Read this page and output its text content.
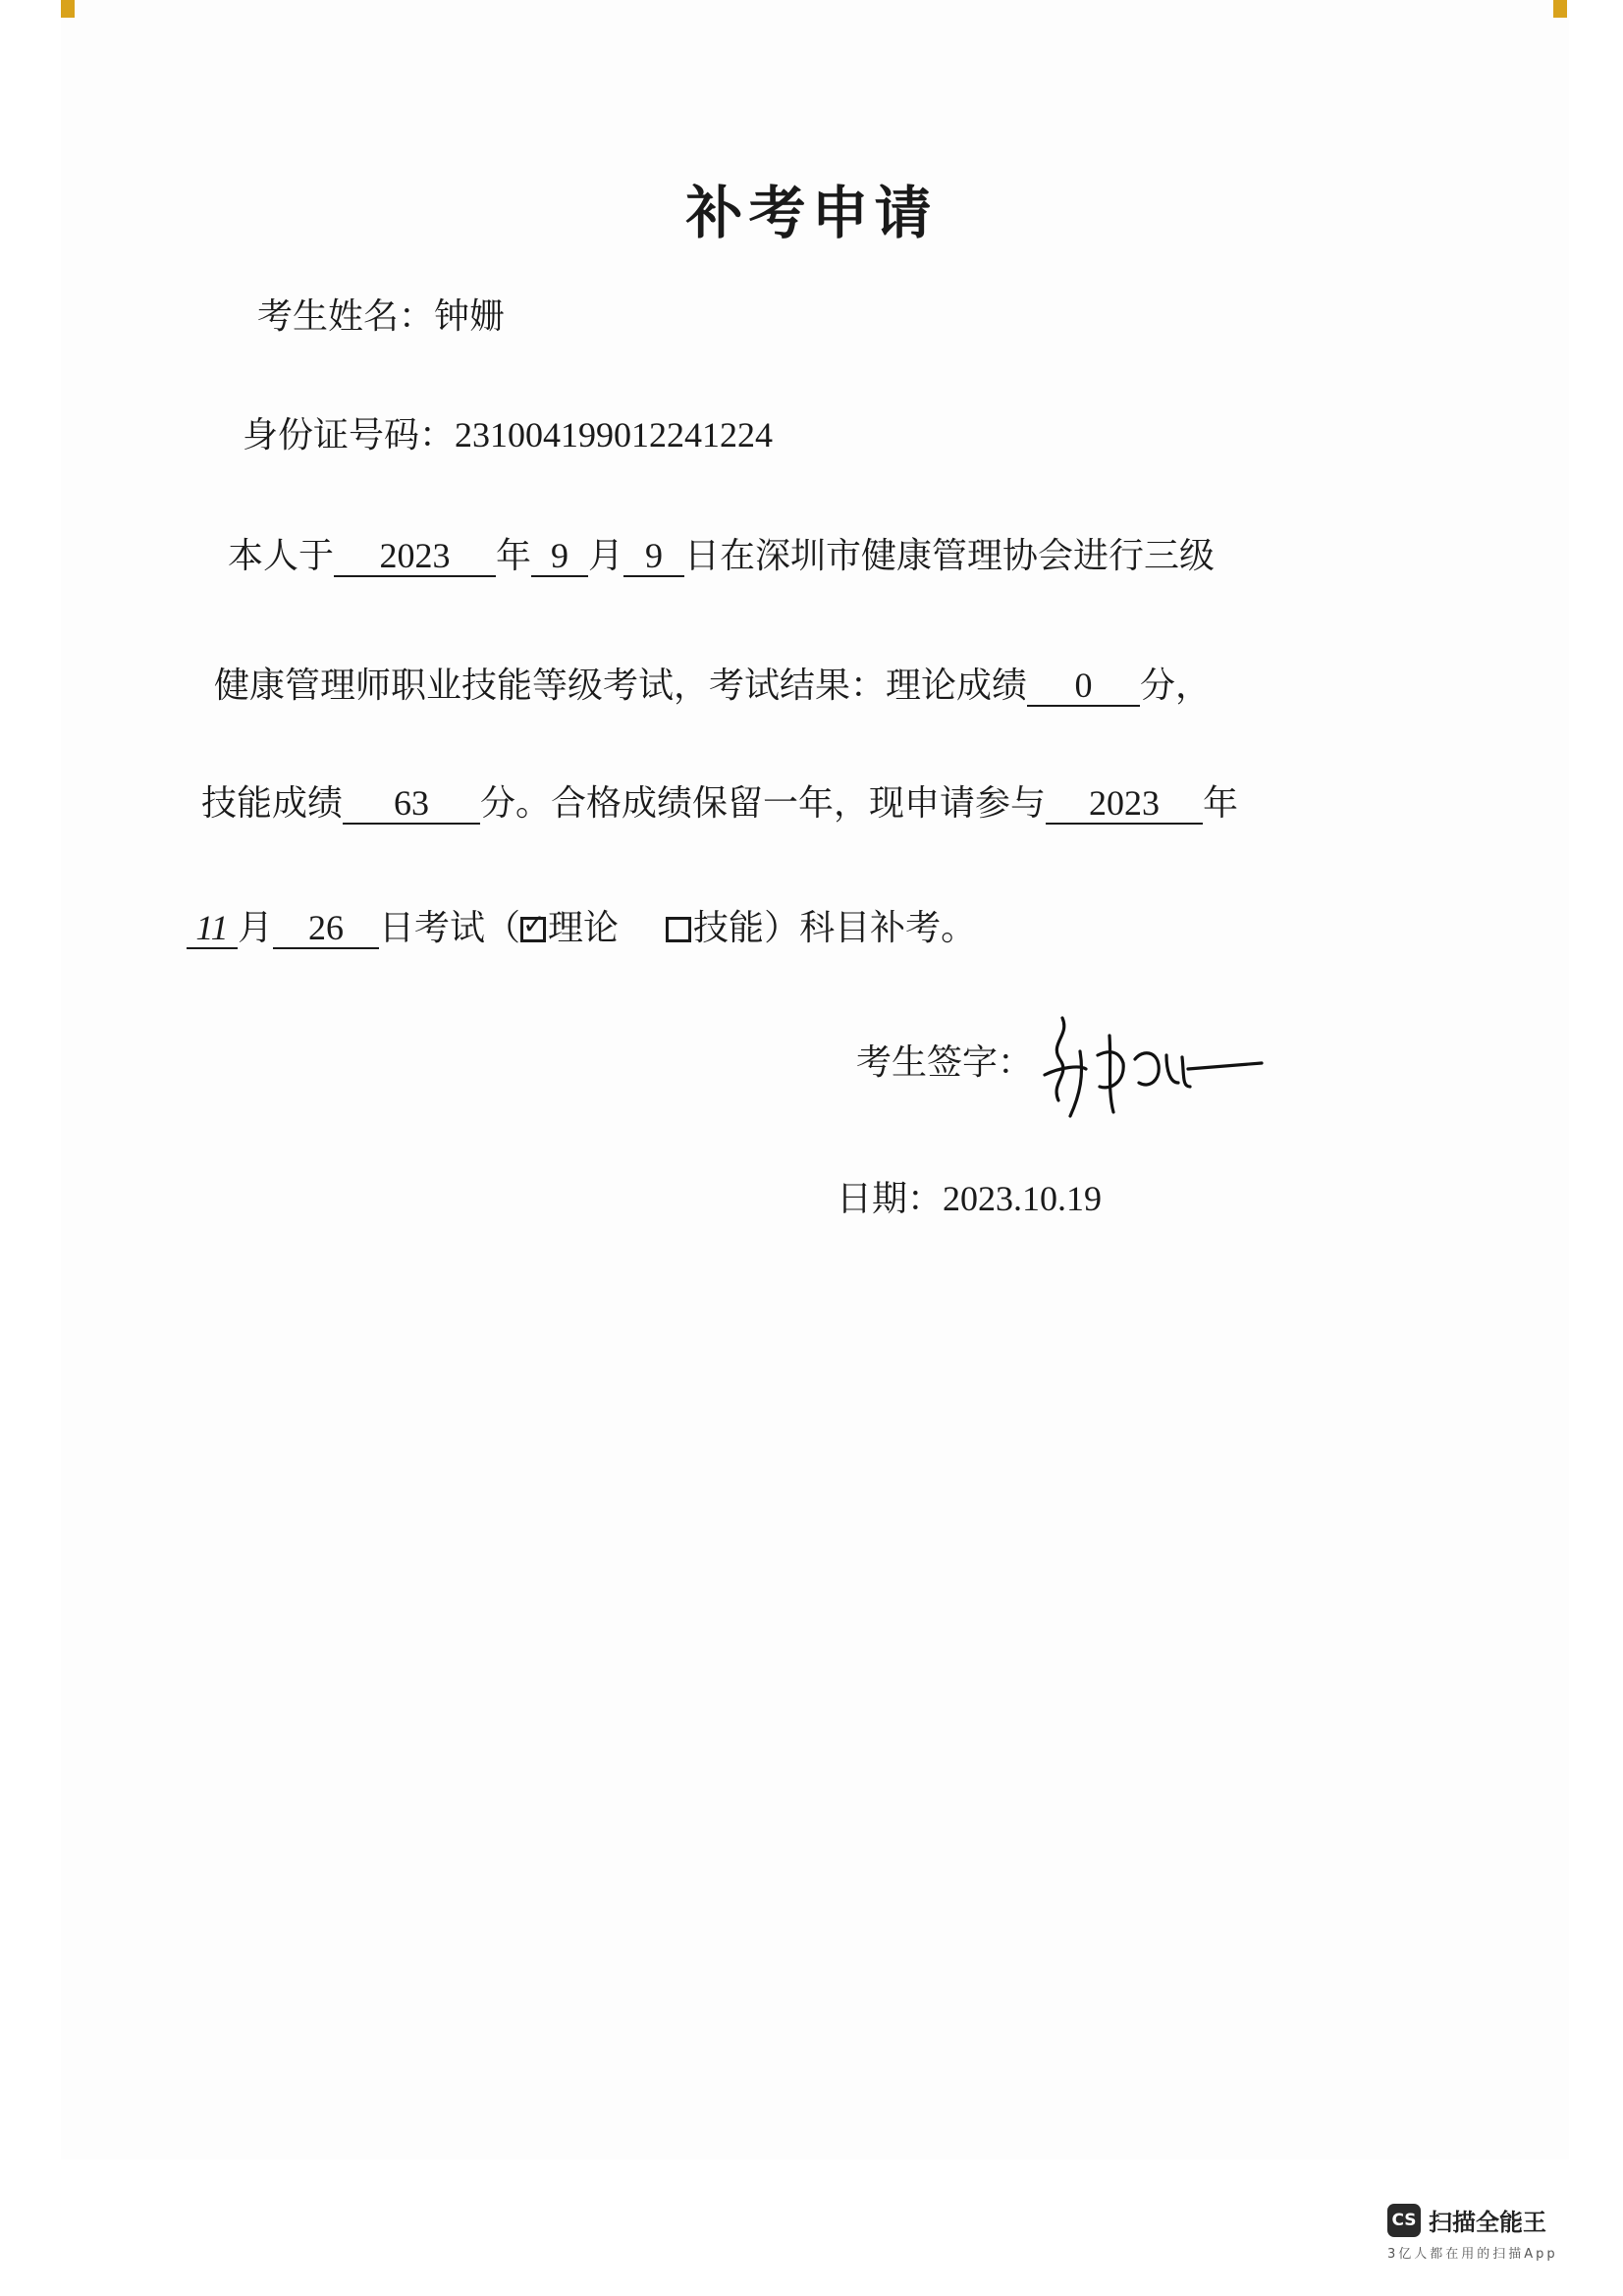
补考申请
考生姓名：钟姗
身份证号码：231004199012241224
本人于 2023 年 9 月 9 日在深圳市健康管理协会进行三级
健康管理师职业技能等级考试，考试结果：理论成绩 0 分，
技能成绩 63 分。合格成绩保留一年，现申请参与 2023 年
11 月 26 日考试（ ✓ 理论 技能）科目补考。
考生签字：
日期：2023.10.19
CS 扫描全能王
3亿人都在用的扫描App
